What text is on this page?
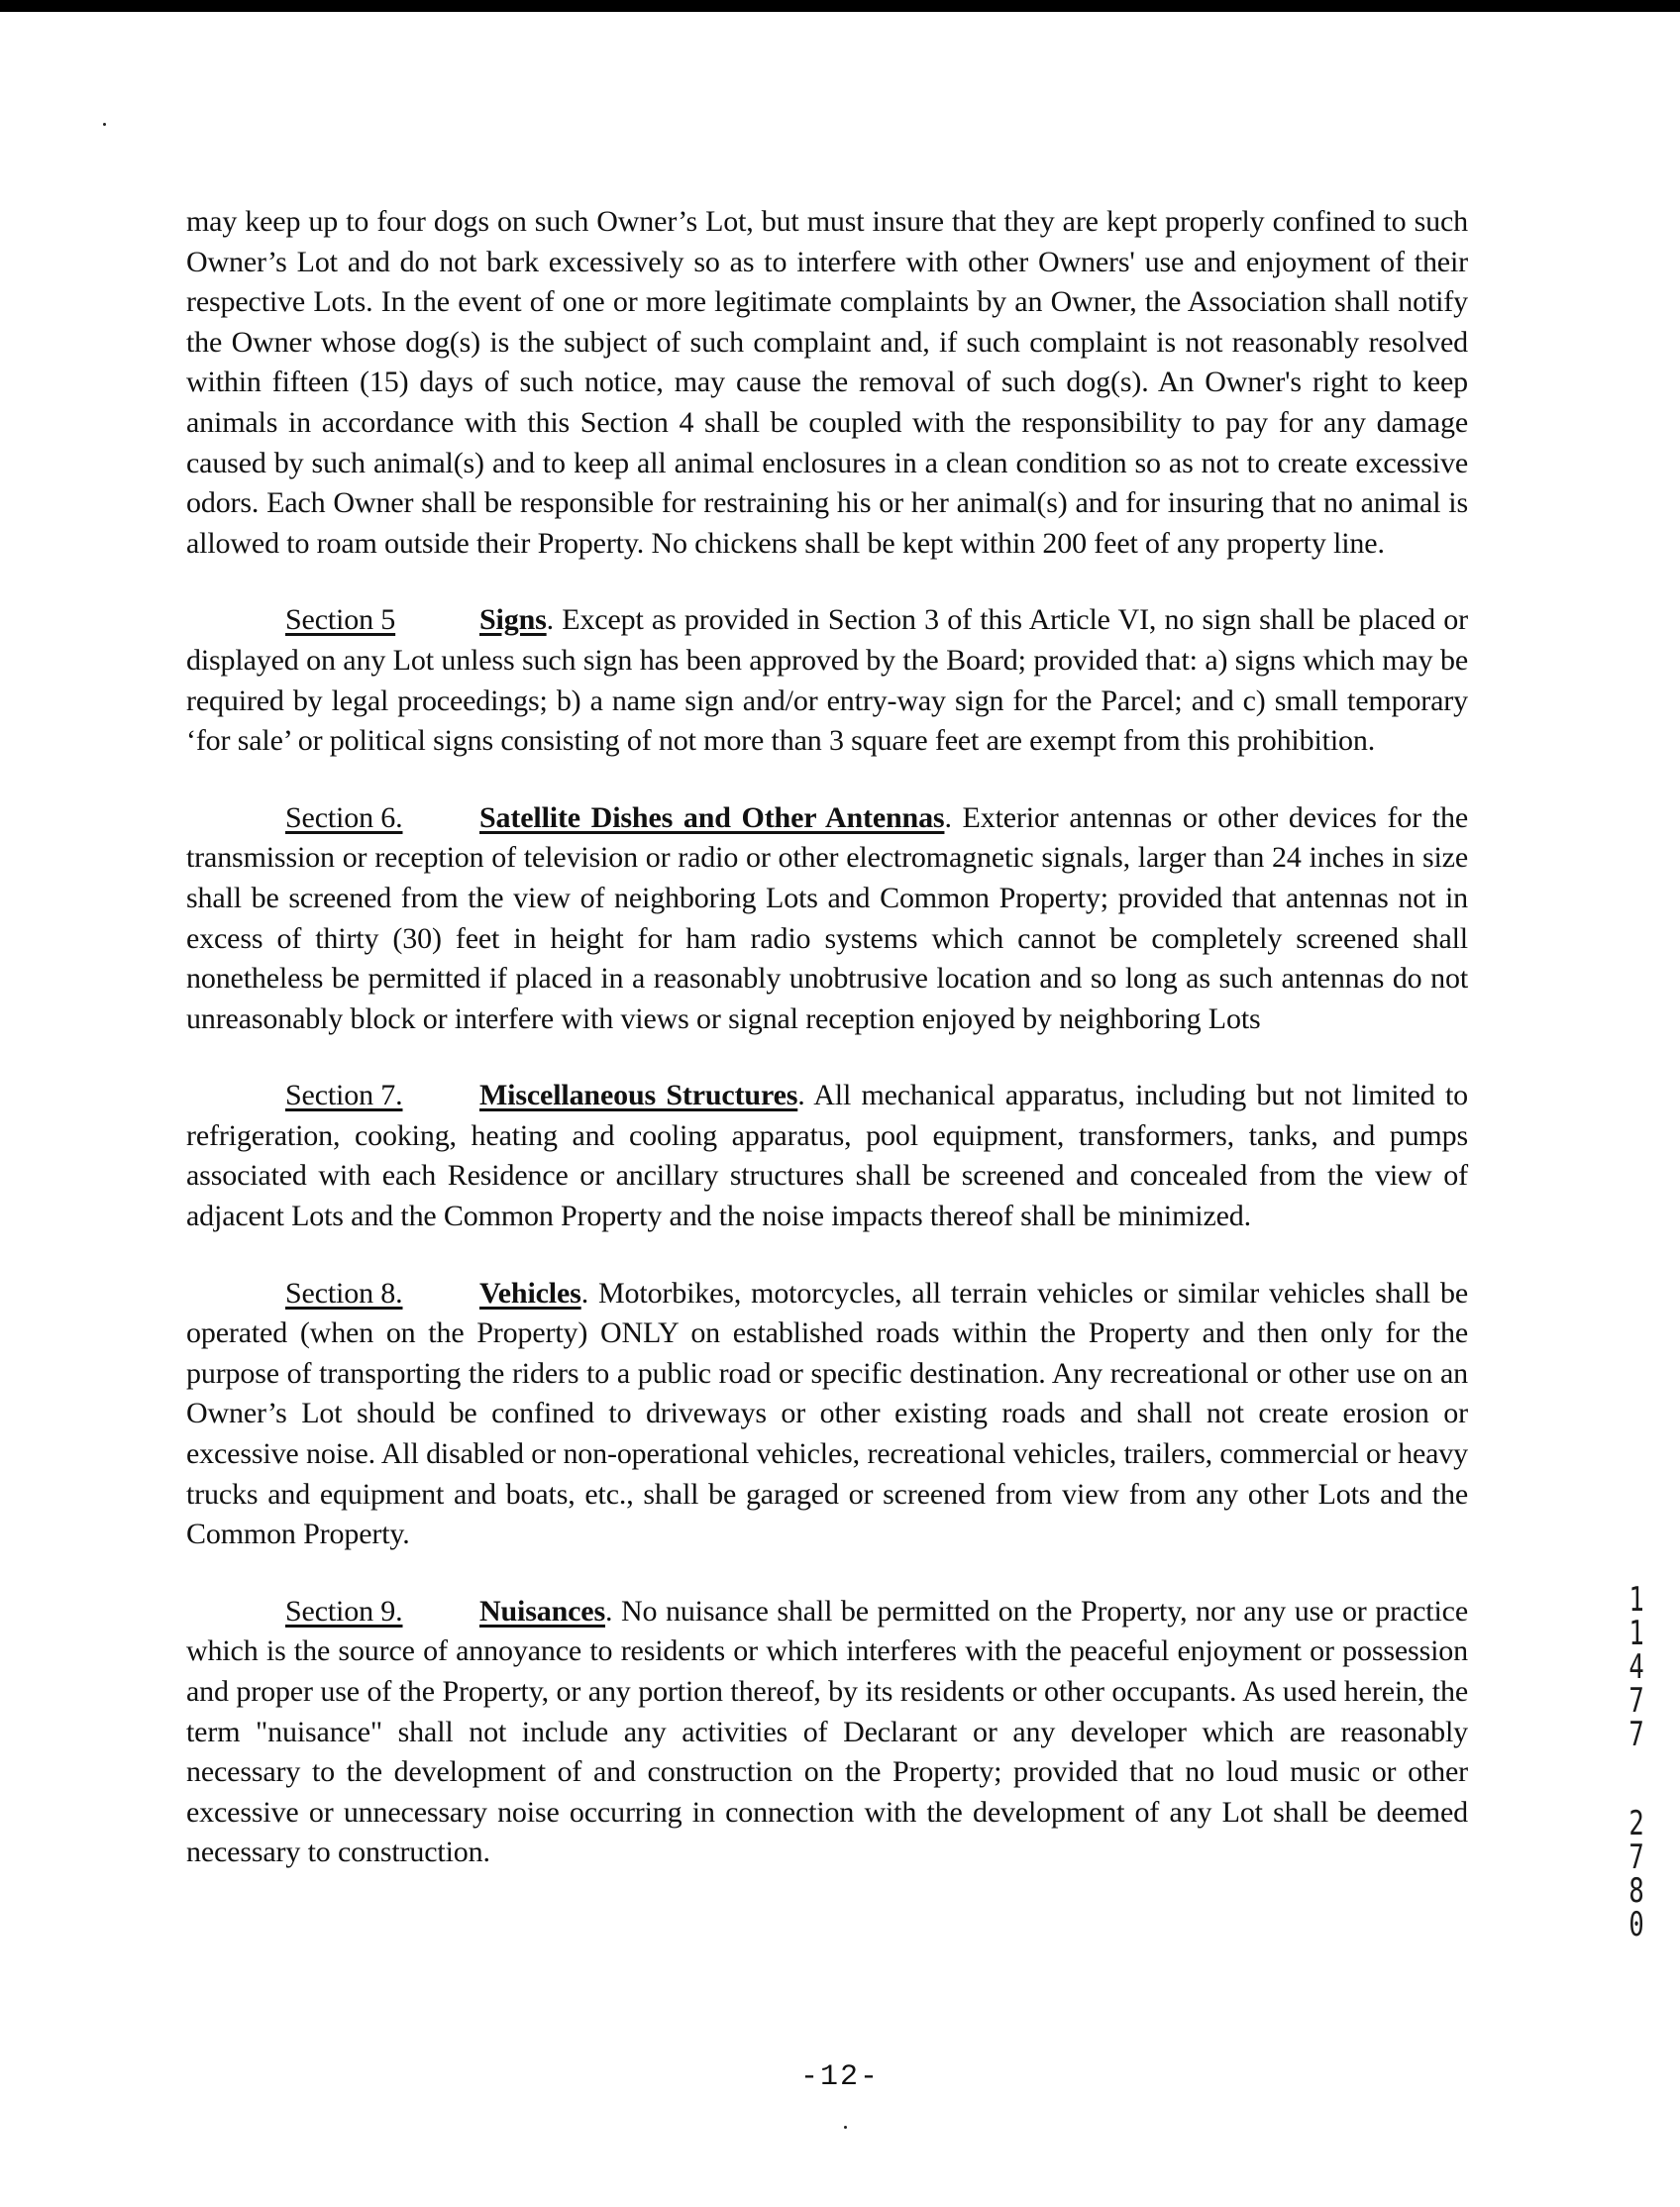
may keep up to four dogs on such Owner’s Lot, but must insure that they are kept properly confined to such Owner’s Lot and do not bark excessively so as to interfere with other Owners' use and enjoyment of their respective Lots. In the event of one or more legitimate complaints by an Owner, the Association shall notify the Owner whose dog(s) is the subject of such complaint and, if such complaint is not reasonably resolved within fifteen (15) days of such notice, may cause the removal of such dog(s). An Owner's right to keep animals in accordance with this Section 4 shall be coupled with the responsibility to pay for any damage caused by such animal(s) and to keep all animal enclosures in a clean condition so as not to create excessive odors. Each Owner shall be responsible for restraining his or her animal(s) and for insuring that no animal is allowed to roam outside their Property. No chickens shall be kept within 200 feet of any property line.

Section 5	Signs. Except as provided in Section 3 of this Article VI, no sign shall be placed or displayed on any Lot unless such sign has been approved by the Board; provided that: a) signs which may be required by legal proceedings; b) a name sign and/or entry-way sign for the Parcel; and c) small temporary ‘for sale’ or political signs consisting of not more than 3 square feet are exempt from this prohibition.

Section 6.	Satellite Dishes and Other Antennas. Exterior antennas or other devices for the transmission or reception of television or radio or other electromagnetic signals, larger than 24 inches in size shall be screened from the view of neighboring Lots and Common Property; provided that antennas not in excess of thirty (30) feet in height for ham radio systems which cannot be completely screened shall nonetheless be permitted if placed in a reasonably unobtrusive location and so long as such antennas do not unreasonably block or interfere with views or signal reception enjoyed by neighboring Lots

Section 7.	Miscellaneous Structures. All mechanical apparatus, including but not limited to refrigeration, cooking, heating and cooling apparatus, pool equipment, transformers, tanks, and pumps associated with each Residence or ancillary structures shall be screened and concealed from the view of adjacent Lots and the Common Property and the noise impacts thereof shall be minimized.

Section 8.	Vehicles. Motorbikes, motorcycles, all terrain vehicles or similar vehicles shall be operated (when on the Property) ONLY on established roads within the Property and then only for the purpose of transporting the riders to a public road or specific destination. Any recreational or other use on an Owner’s Lot should be confined to driveways or other existing roads and shall not create erosion or excessive noise. All disabled or non-operational vehicles, recreational vehicles, trailers, commercial or heavy trucks and equipment and boats, etc., shall be garaged or screened from view from any other Lots and the Common Property.

Section 9.	Nuisances. No nuisance shall be permitted on the Property, nor any use or practice which is the source of annoyance to residents or which interferes with the peaceful enjoyment or possession and proper use of the Property, or any portion thereof, by its residents or other occupants. As used herein, the term "nuisance" shall not include any activities of Declarant or any developer which are reasonably necessary to the development of and construction on the Property; provided that no loud music or other excessive or unnecessary noise occurring in connection with the development of any Lot shall be deemed necessary to construction.

-12-
1
1
4
7
7
2
7
8
0
